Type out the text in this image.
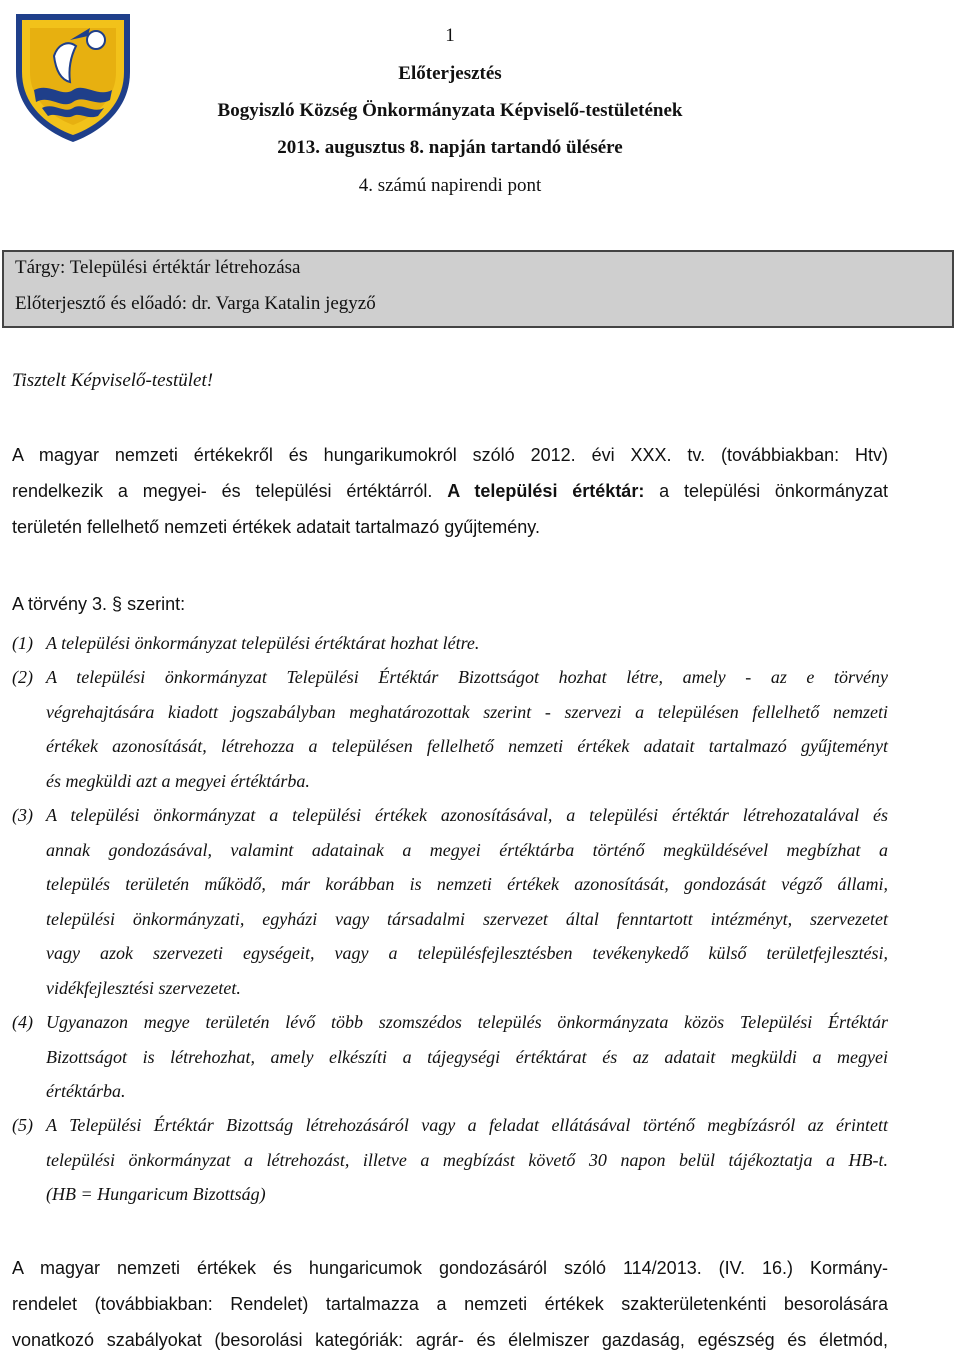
1
Előterjesztés
Bogyiszló Község Önkormányzata Képviselő-testületének
2013. augusztus 8. napján tartandó ülésére
4. számú napirendi pont
Tárgy: Települési értéktár létrehozása
Előterjesztő és előadó: dr. Varga Katalin jegyző
Tisztelt Képviselő-testület!
A magyar nemzeti értékekről és hungarikumokról szóló 2012. évi XXX. tv. (továbbiakban: Htv)
rendelkezik a megyei- és települési értéktárról. A települési értéktár: a települési önkormányzat
területén fellelhető nemzeti értékek adatait tartalmazó gyűjtemény.
A törvény 3. § szerint:
(1) A települési önkormányzat települési értéktárat hozhat létre.
(2) A települési önkormányzat Települési Értéktár Bizottságot hozhat létre, amely - az e törvény
végrehajtására kiadott jogszabályban meghatározottak szerint - szervezi a településen fellelhető nemzeti
értékek azonosítását, létrehozza a településen fellelhető nemzeti értékek adatait tartalmazó gyűjteményt
és megküldi azt a megyei értéktárba.
(3) A települési önkormányzat a települési értékek azonosításával, a települési értéktár létrehozatalával és
annak gondozásával, valamint adatainak a megyei értéktárba történő megküldésével megbízhat a
település területén működő, már korábban is nemzeti értékek azonosítását, gondozását végző állami,
települési önkormányzati, egyházi vagy társadalmi szervezet által fenntartott intézményt, szervezetet
vagy azok szervezeti egységeit, vagy a településfejlesztésben tevékenykedő külső területfejlesztési,
vidékfejlesztési szervezetet.
(4) Ugyanazon megye területén lévő több szomszédos település önkormányzata közös Települési Értéktár
Bizottságot is létrehozhat, amely elkészíti a tájegységi értéktárat és az adatait megküldi a megyei
értéktárba.
(5) A Települési Értéktár Bizottság létrehozásáról vagy a feladat ellátásával történő megbízásról az érintett
települési önkormányzat a létrehozást, illetve a megbízást követő 30 napon belül tájékoztatja a HB-t.
(HB = Hungaricum Bizottság)
A magyar nemzeti értékek és hungaricumok gondozásáról szóló 114/2013. (IV. 16.) Kormány-
rendelet (továbbiakban: Rendelet) tartalmazza a nemzeti értékek szakterületenkénti besorolására
vonatkozó szabályokat (besorolási kategóriák: agrár- és élelmiszer gazdaság, egészség és életmód,
